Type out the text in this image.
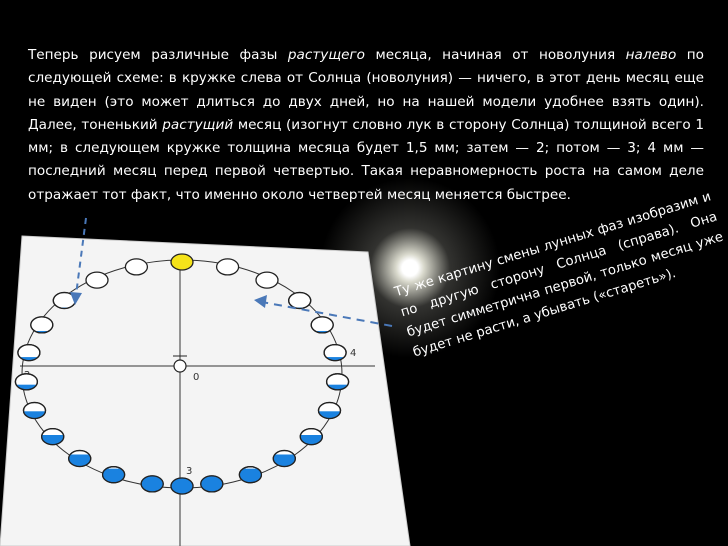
0
4
3

Теперь рисуем различные фазы растущего месяца, начиная от новолуния налево по следующей схеме: в кружке слева от Солнца (новолуния) — ничего, в этот день месяц еще не виден (это может длиться до двух дней, но на нашей модели удобнее взять один). Далее, тоненький растущий месяц (изогнут словно лук в сторону Солнца) толщиной всего 1 мм; в следующем кружке толщина месяца будет 1,5 мм; затем — 2; потом — 3; 4 мм — последний месяц перед первой четвертью. Такая неравномерность роста на самом деле отражает тот факт, что именно около четвертей месяц меняется быстрее.

Ту же картину смены лунных фаз изобразим и по другую сторону Солнца (справа). Она будет симметрична первой, только месяц уже будет не расти, а убывать («стареть»).
